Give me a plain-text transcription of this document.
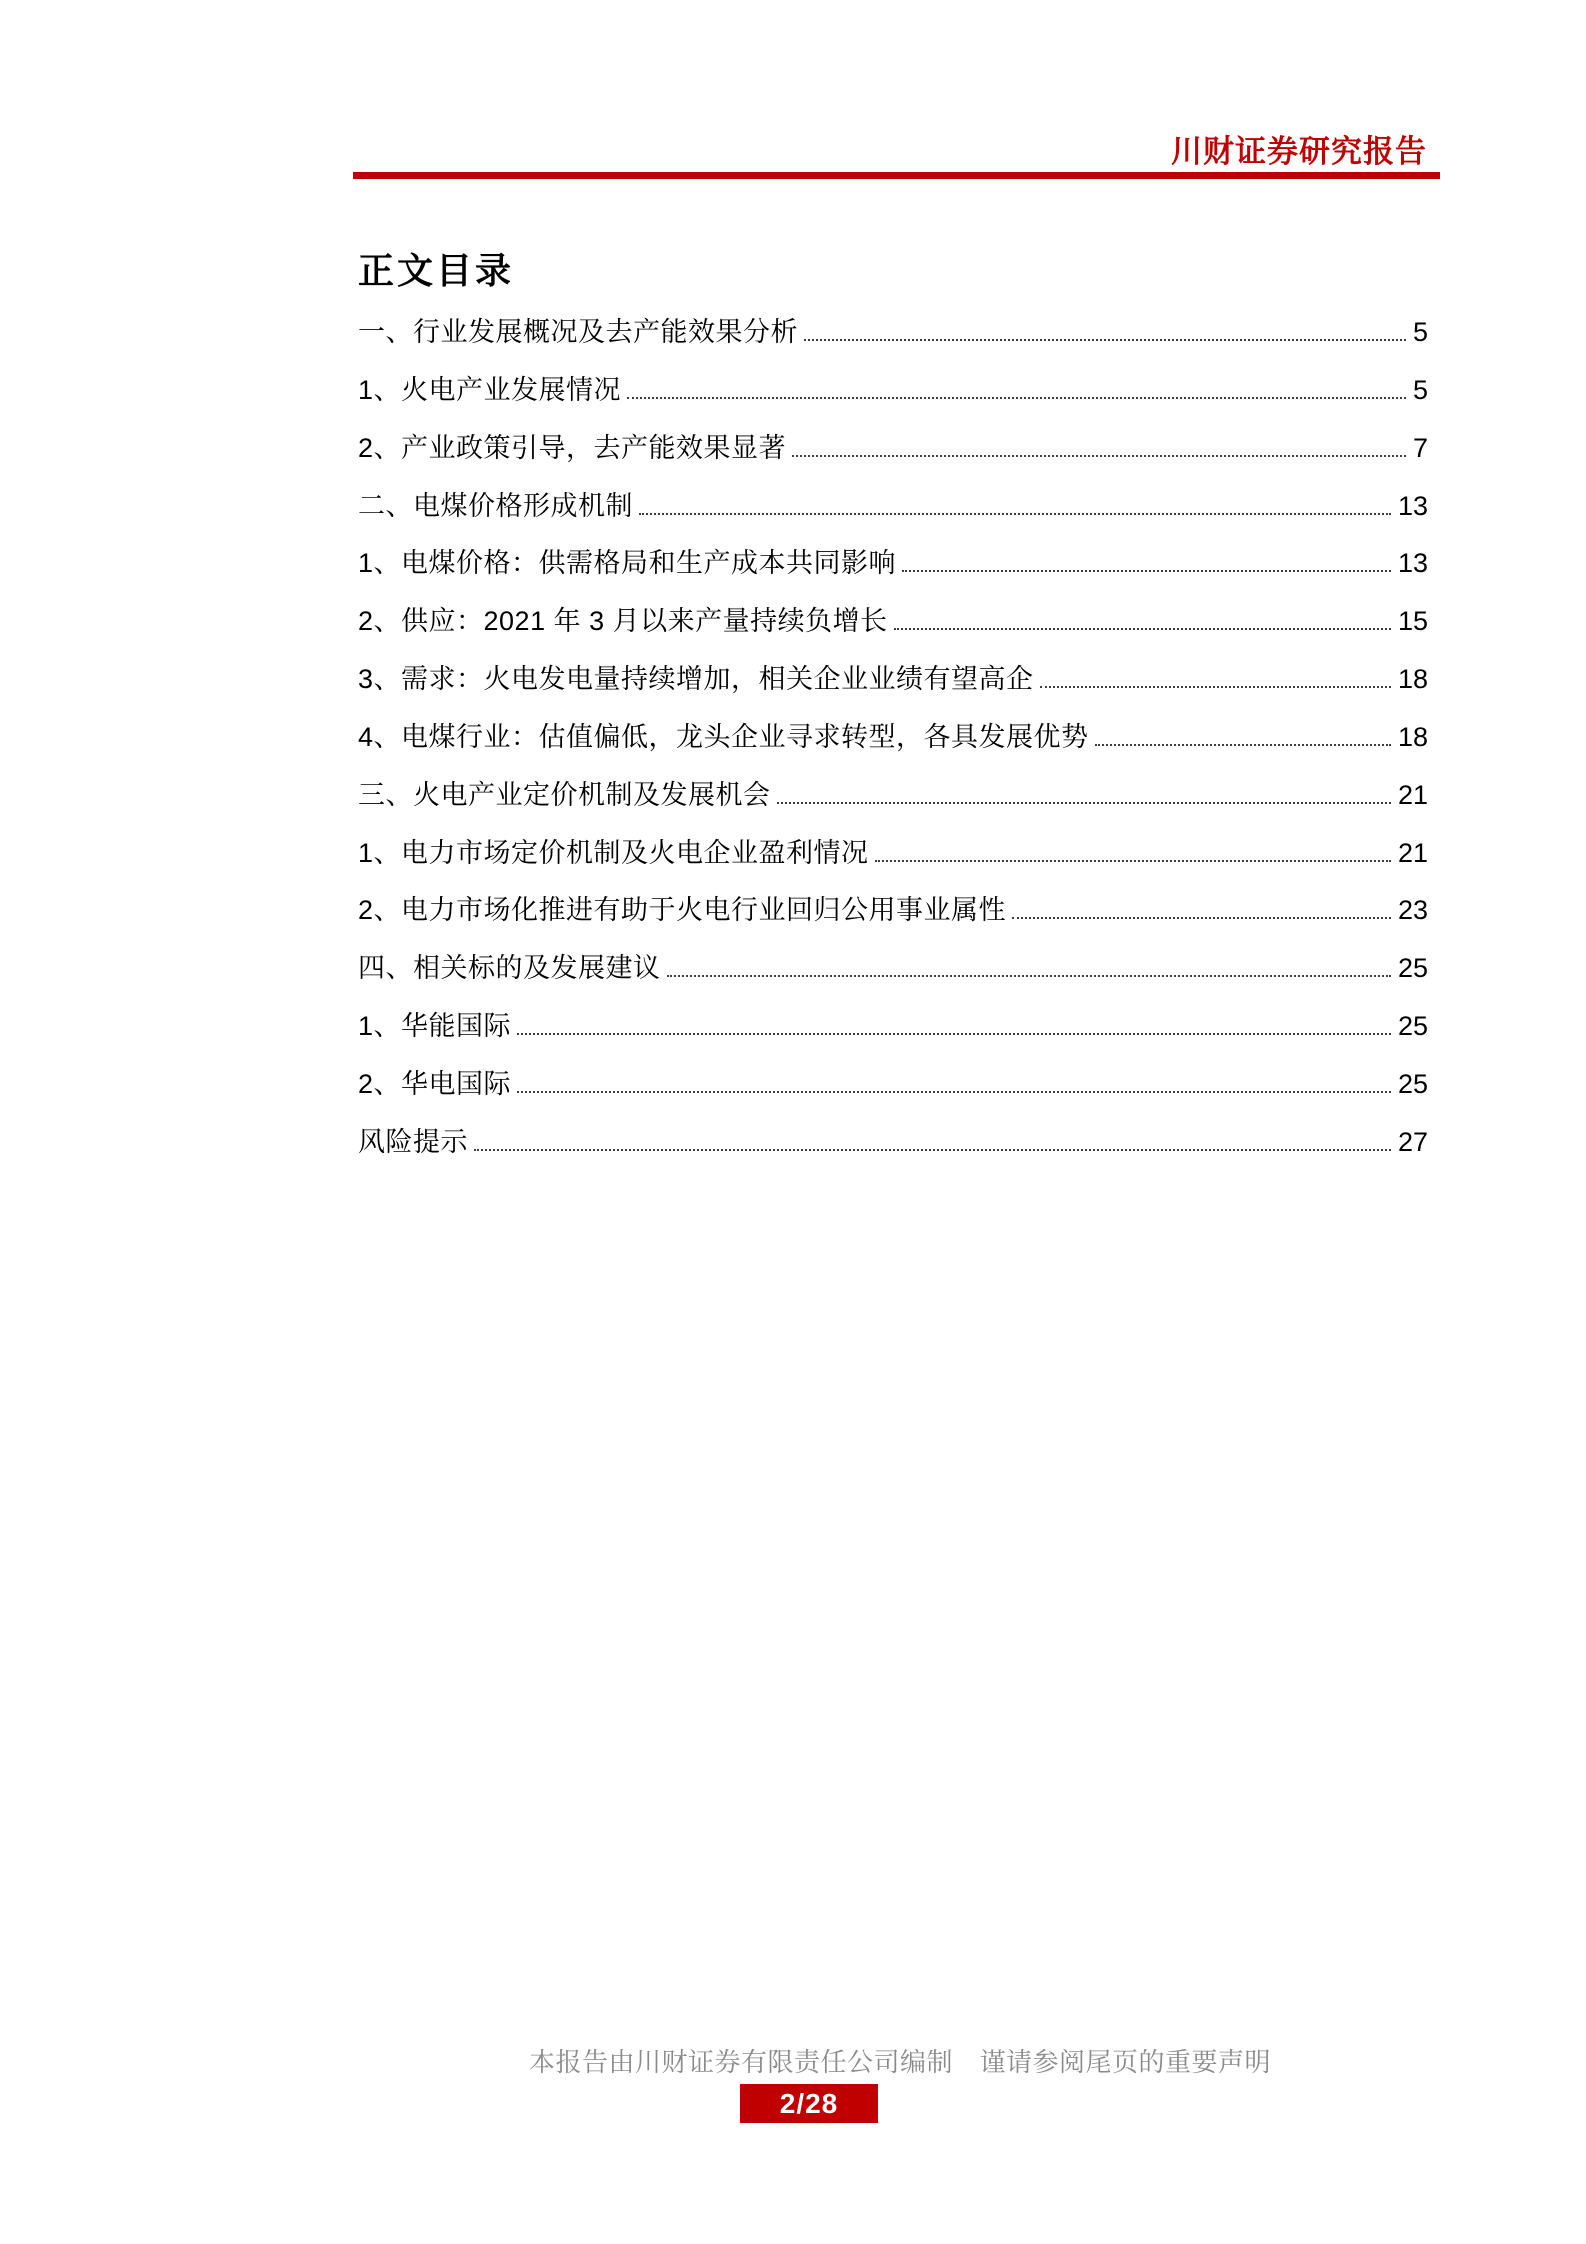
川财证券研究报告
正文目录
一、行业发展概况及去产能效果分析	5
1、火电产业发展情况	5
2、产业政策引导，去产能效果显著	7
二、电煤价格形成机制	13
1、电煤价格：供需格局和生产成本共同影响	13
2、供应：2021 年 3 月以来产量持续负增长	15
3、需求：火电发电量持续增加，相关企业业绩有望高企	18
4、电煤行业：估值偏低，龙头企业寻求转型，各具发展优势	18
三、火电产业定价机制及发展机会	21
1、电力市场定价机制及火电企业盈利情况	21
2、电力市场化推进有助于火电行业回归公用事业属性	23
四、相关标的及发展建议	25
1、华能国际	25
2、华电国际	25
风险提示	27
本报告由川财证券有限责任公司编制　谨请参阅尾页的重要声明
2/28
